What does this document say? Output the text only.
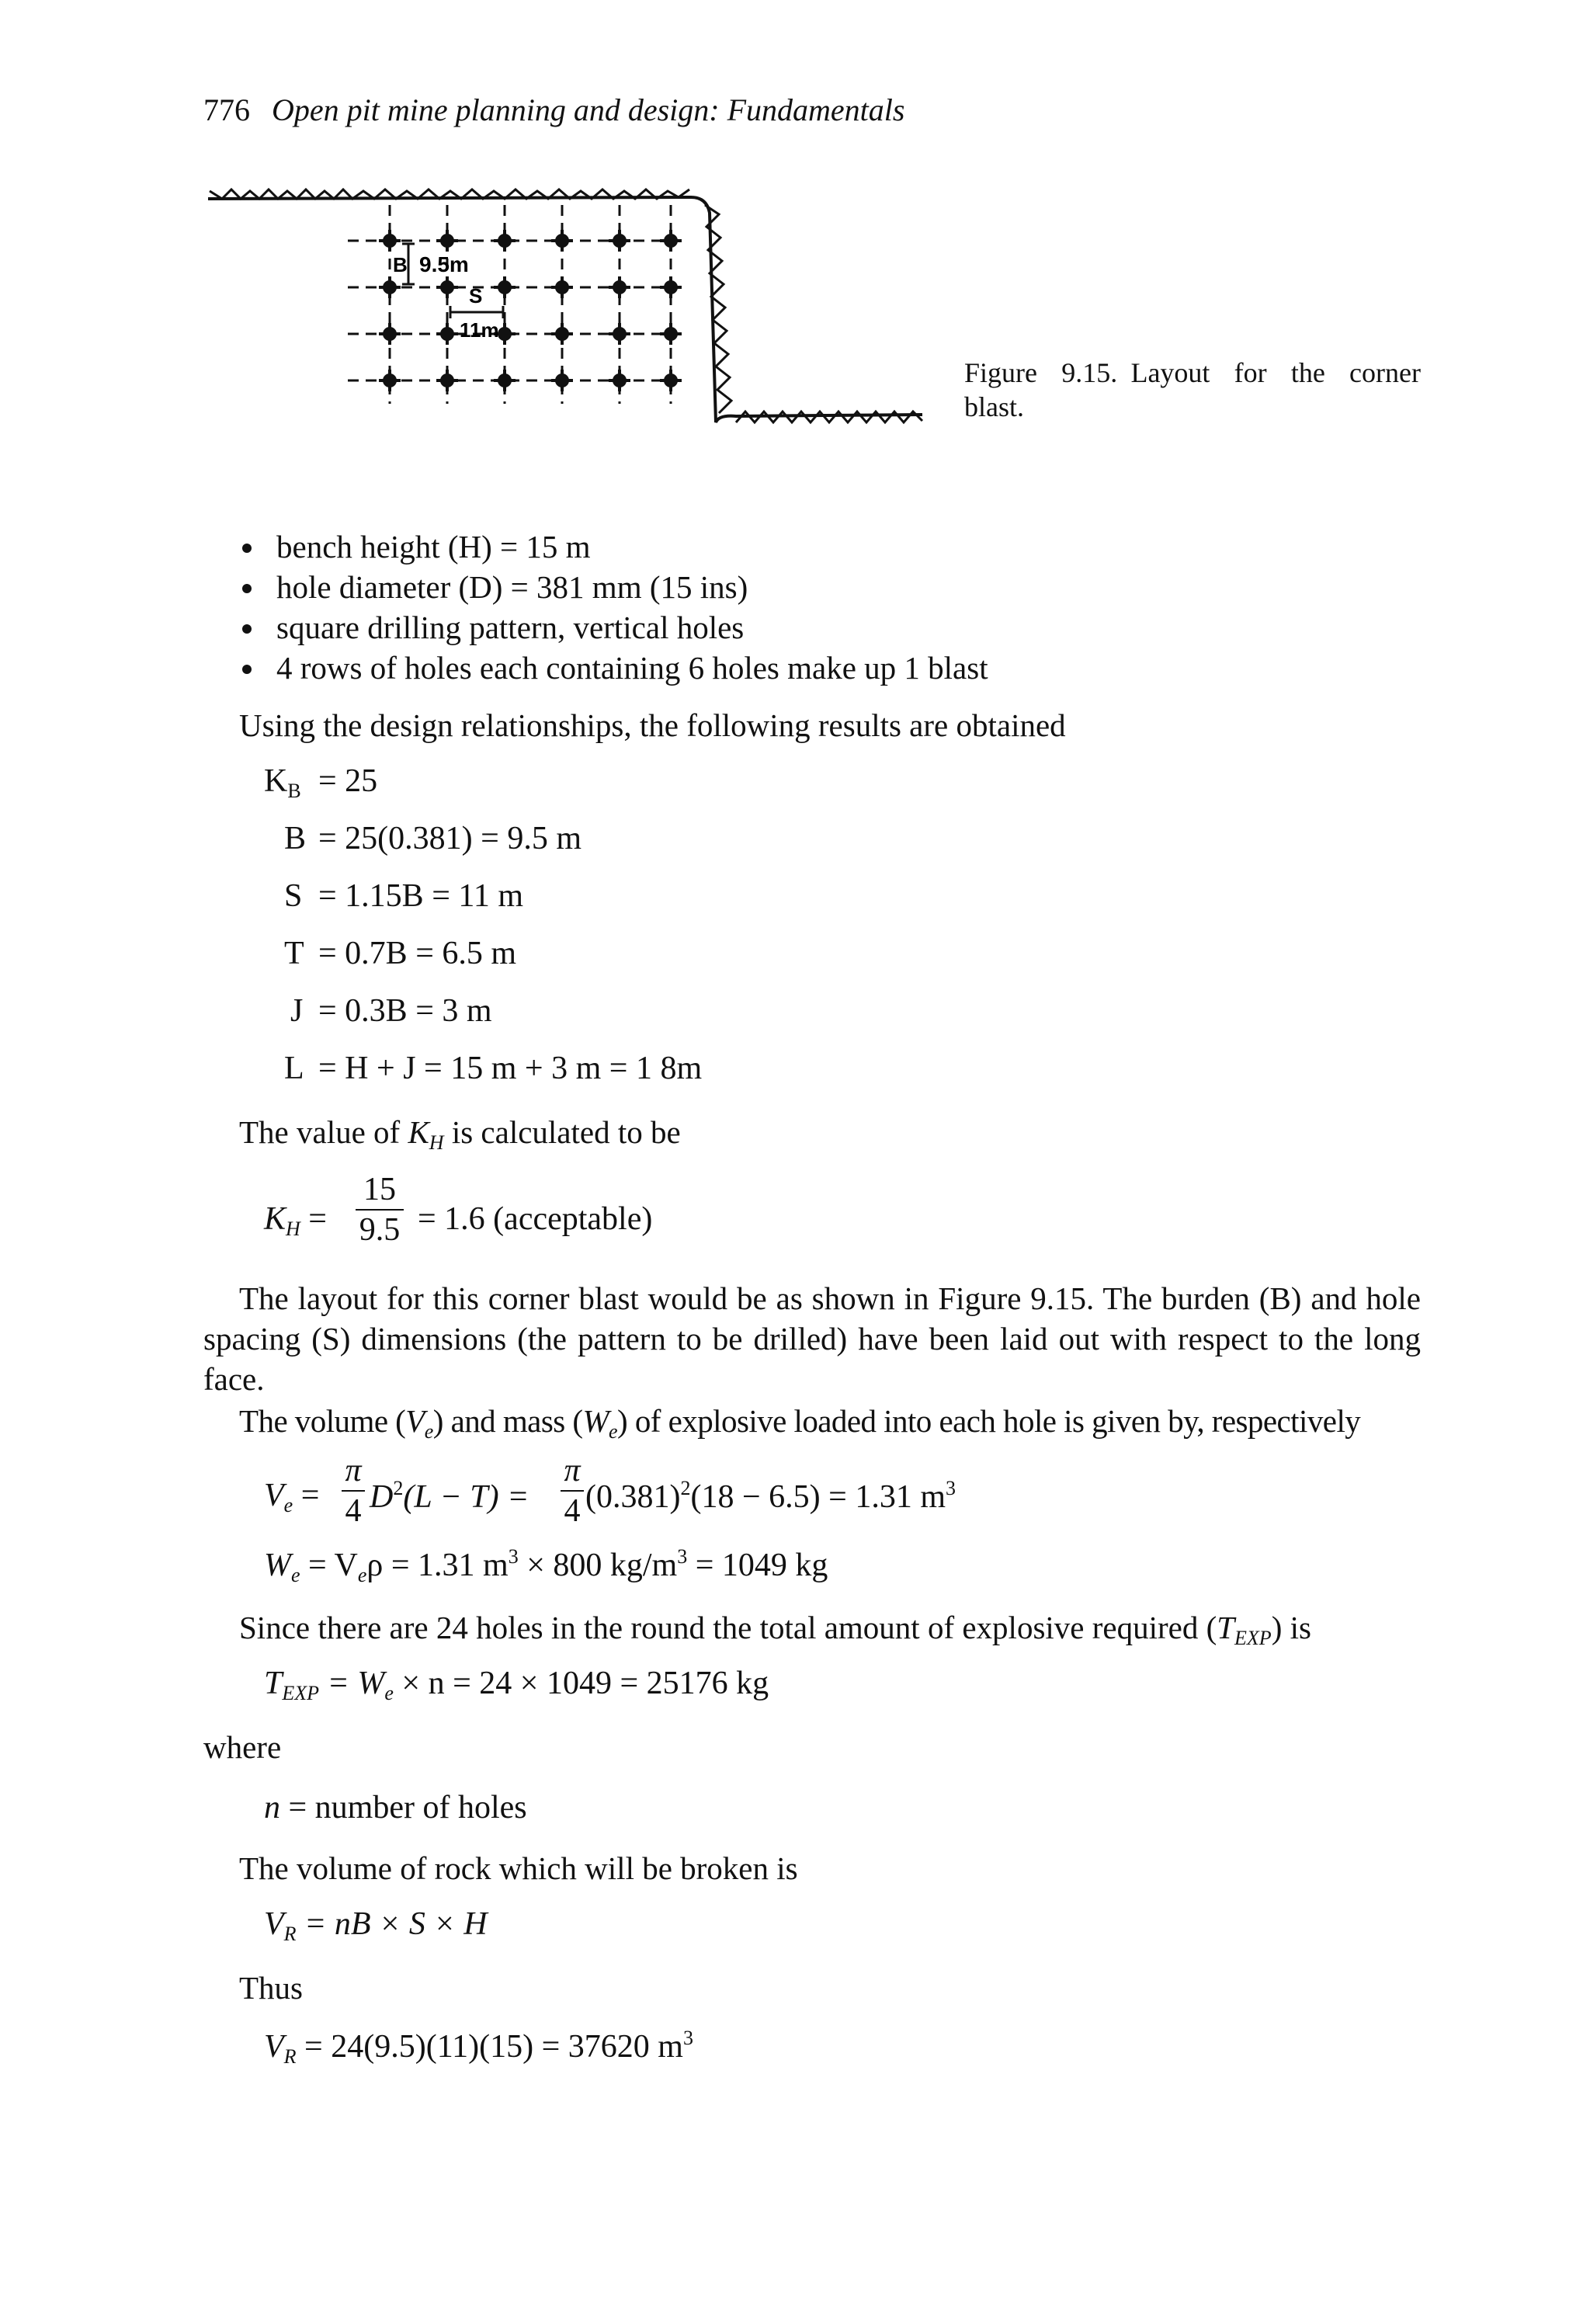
776 Open pit mine planning and design: Fundamentals
B 9.5m
S
11m
Figure 9.15. Layout for the corner blast.
bench height (H) = 15 m
hole diameter (D) = 381 mm (15 ins)
square drilling pattern, vertical holes
4 rows of holes each containing 6 holes make up 1 blast
Using the design relationships, the following results are obtained
$K_B = 25$
B = 25(0.381) = 9.5 m
S = 1.15B = 11 m
T = 0.7B = 6.5 m
J = 0.3B = 3 m
L = H + J = 15 m + 3 m = 1 8m
The value of $K_H$ is calculated to be
$K_H$ =
15
9.5 = 1.6 (acceptable)
The layout for this corner blast would be as shown in Figure 9.15. The burden (B) and hole spacing (S) dimensions (the pattern to be drilled) have been laid out with respect to the long face.
The volume $(V_e)$ and mass $(W_e)$ of explosive loaded into each hole is given by, respectively
$V_e$ =
π
4 $D^2(L - T)$ =
π
4 $(0.381)^2(18 - 6.5) = 1.31$ $m^3$
$W_e = V_e\rho = 1.31$ $m^3 \times 800$ $kg/m^3 = 1049$ kg
Since there are 24 holes in the round the total amount of explosive required $(T_{EXP})$ is
$T_{EXP} = W_e \times n = 24 \times 1049 = 25176$ kg
where
n = number of holes
The volume of rock which will be broken is
$V_R$ = nB × S × H
Thus
$V_R = 24(9.5)(11)(15) = 37620$ $m^3$
